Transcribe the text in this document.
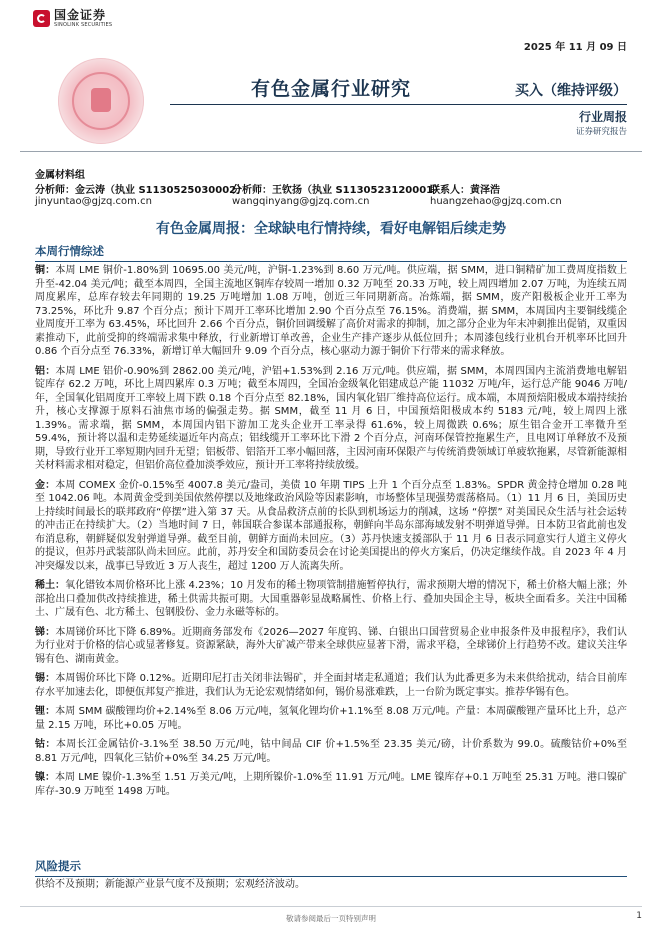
国金证券
SINOLINK SECURITIES
2025 年 11 月 09 日
有色金属行业研究	买入（维持评级）
行业周报
证券研究报告
金属材料组
分析师：金云涛（执业 S1130525030002）
分析师：王钦扬（执业 S1130523120001）
联系人：黄泽浩
jinyuntao@gjzq.com.cn	wangqinyang@gjzq.com.cn	huangzehao@gjzq.com.cn
有色金属周报：全球缺电行情持续，看好电解铝后续走势
本周行情综述

铜：本周 LME 铜价-1.80%到 10695.00 美元/吨，沪铜-1.23%到 8.60 万元/吨。供应端，据 SMM，进口铜精矿加工费周度指数上升至-42.04 美元/吨；截至本周四，全国主流地区铜库存较周一增加 0.32 万吨至 20.33 万吨，较上周四增加 2.07 万吨，为连续五周周度累库，总库存较去年同期的 19.25 万吨增加 1.08 万吨，创近三年同期新高。冶炼端，据 SMM，废产阳极板企业开工率为 73.25%，环比升 9.87 个百分点；预计下周开工率环比增加 2.90 个百分点至 76.15%。消费端，据 SMM，本周国内主要铜线缆企业周度开工率为 63.45%，环比回升 2.66 个百分点，铜价回调缓解了高价对需求的抑制，加之部分企业为年末冲刺推出促销，双重因素推动下，此前受抑的终端需求集中释放，行业新增订单改善，企业生产排产逐步从低位回升；本周漆包线行业机台开机率环比回升 0.86 个百分点至 76.33%，新增订单大幅回升 9.09 个百分点，核心驱动力源于铜价下行带来的需求释放。

铝：本周 LME 铝价-0.90%到 2862.00 美元/吨，沪铝+1.53%到 2.16 万元/吨。供应端，据 SMM，本周四国内主流消费地电解铝锭库存 62.2 万吨，环比上周四累库 0.3 万吨；截至本周四，全国冶金级氧化铝建成总产能 11032 万吨/年，运行总产能 9046 万吨/年，全国氧化铝周度开工率较上周下跌 0.18 个百分点至 82.18%，国内氧化铝厂维持高位运行。成本端，本周预焙阳极成本端持续抬升，核心支撑源于原料石油焦市场的偏强走势。据 SMM，截至 11 月 6 日，中国预焙阳极成本约 5183 元/吨，较上周四上涨 1.39%。需求端，据 SMM，本周国内铝下游加工龙头企业开工率录得 61.6%，较上周微跌 0.6%；原生铝合金开工率微升至 59.4%，预计将以温和走势延续逼近年内高点；铝线缆开工率环比下滑 2 个百分点，河南环保管控拖累生产，且电网订单释放不及预期，导致行业开工率短期内回升无望；铝板带、铝箔开工率小幅回落，主因河南环保限产与传统消费领域订单疲软拖累，尽管新能源相关材料需求相对稳定，但铝价高位叠加淡季效应，预计开工率将持续放缓。

金：本周 COMEX 金价-0.15%至 4007.8 美元/盎司，美债 10 年期 TIPS 上升 1 个百分点至 1.83%。SPDR 黄金持仓增加 0.28 吨至 1042.06 吨。本周黄金受到美国依然停摆以及地缘政治风险等因素影响，市场整体呈现强势震荡格局。（1）11 月 6 日，美国历史上持续时间最长的联邦政府“停摆”进入第 37 天。从食品救济点前的长队到机场运力的削减，这场 “停摆” 对美国民众生活与社会运转的冲击正在持续扩大。（2）当地时间 7 日，韩国联合参谋本部通报称，朝鲜向半岛东部海域发射不明弹道导弹。日本防卫省此前也发布消息称，朝鲜疑似发射弹道导弹。截至目前，朝鲜方面尚未回应。（3）苏丹快速支援部队于 11 月 6 日表示同意实行人道主义停火的提议，但苏丹武装部队尚未回应。此前，苏丹安全和国防委员会在讨论美国提出的停火方案后，仍决定继续作战。自 2023 年 4 月冲突爆发以来，战事已导致近 3 万人丧生，超过 1200 万人流离失所。

稀土：氧化镨钕本周价格环比上涨 4.23%；10 月发布的稀土物项管制措施暂停执行，需求预期大增的情况下，稀土价格大幅上涨；外部抢出口叠加供改持续推进，稀土供需共振可期。大国重器彰显战略属性、价格上行、叠加央国企主导，板块全面看多。关注中国稀土、广晟有色、北方稀土、包钢股份、金力永磁等标的。

锑：本周锑价环比下降 6.89%。近期商务部发布《2026—2027 年度钨、锑、白银出口国营贸易企业申报条件及申报程序》，我们认为行业对于价格的信心或显著修复。资源紧缺，海外大矿减产带来全球供应显著下滑，需求平稳，全球锑价上行趋势不改。建议关注华锡有色、湖南黄金。

锡：本周锡价环比下降 0.12%。近期印尼打击关闭非法锡矿，并全面封堵走私通道；我们认为此番更多为未来供给扰动，结合目前库存水平加速去化，即便佤邦复产推进，我们认为无论宏观情绪如何，锡价易涨难跌，上一台阶为既定事实。推荐华锡有色。

锂：本周 SMM 碳酸锂均价+2.14%至 8.06 万元/吨，氢氧化锂均价+1.1%至 8.08 万元/吨。产量：本周碳酸锂产量环比上升，总产量 2.15 万吨，环比+0.05 万吨。

钴：本周长江金属钴价-3.1%至 38.50 万元/吨，钴中间品 CIF 价+1.5%至 23.35 美元/磅，计价系数为 99.0。硫酸钴价+0%至 8.81 万元/吨，四氧化三钴价+0%至 34.25 万元/吨。

镍：本周 LME 镍价-1.3%至 1.51 万美元/吨，上期所镍价-1.0%至 11.91 万元/吨。LME 镍库存+0.1 万吨至 25.31 万吨。港口镍矿库存-30.9 万吨至 1498 万吨。

风险提示
供给不及预期；新能源产业景气度不及预期；宏观经济波动。
敬请参阅最后一页特别声明	1
